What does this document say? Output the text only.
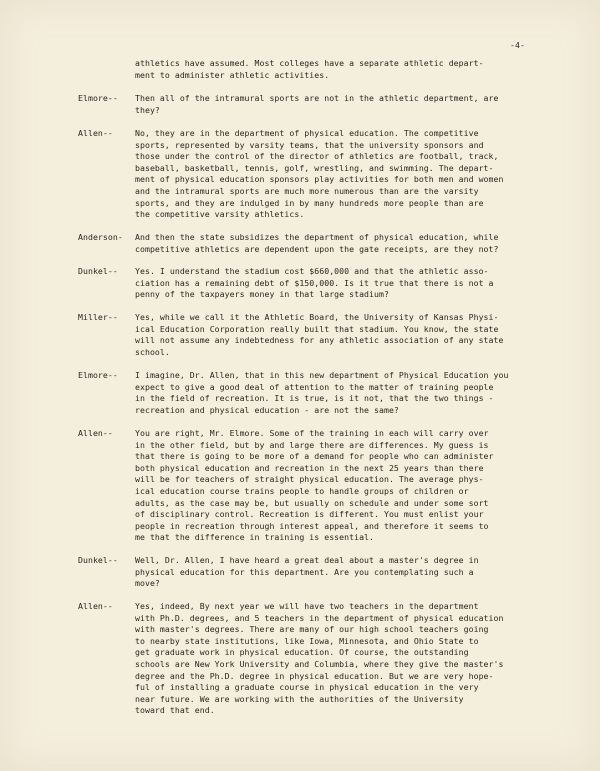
-4-
athletics have assumed. Most colleges have a separate athletic depart-
ment to administer athletic activities.
Elmore-- Then all of the intramural sports are not in the athletic department, are
they?
Allen--	No, they are in the department of physical education. The competitive
sports, represented by varsity teams, that the university sponsors and
those under the control of the director of athletics are football, track,
baseball, basketball, tennis, golf, wrestling, and swimming. The depart-
ment of physical education sponsors play activities for both men and women
and the intramural sports are much more numerous than are the varsity
sports, and they are indulged in by many hundreds more people than are
the competitive varsity athletics.
Anderson- And then the state subsidizes the department of physical education, while
competitive athletics are dependent upon the gate receipts, are they not?
Dunkel-- Yes. I understand the stadium cost $660,000 and that the athletic asso-
ciation has a remaining debt of $150,000. Is it true that there is not a
penny of the taxpayers money in that large stadium?
Miller-- Yes, while we call it the Athletic Board, the University of Kansas Physi-
ical Education Corporation really built that stadium. You know, the state
will not assume any indebtedness for any athletic association of any state
school.
Elmore-- I imagine, Dr. Allen, that in this new department of Physical Education you
expect to give a good deal of attention to the matter of training people
in the field of recreation. It is true, is it not, that the two things -
recreation and physical education - are not the same?
Allen--	You are right, Mr. Elmore. Some of the training in each will carry over
in the other field, but by and large there are differences. My guess is
that there is going to be more of a demand for people who can administer
both physical education and recreation in the next 25 years than there
will be for teachers of straight physical education. The average phys-
ical education course trains people to handle groups of children or
adults, as the case may be, but usually on schedule and under some sort
of disciplinary control. Recreation is different. You must enlist your
people in recreation through interest appeal, and therefore it seems to
me that the difference in training is essential.
Dunkel-- Well, Dr. Allen, I have heard a great deal about a master's degree in
physical education for this department. Are you contemplating such a
move?
Allen--	Yes, indeed, By next year we will have two teachers in the department
with Ph.D. degrees, and 5 teachers in the department of physical education
with master's degrees. There are many of our high school teachers going
to nearby state institutions, like Iowa, Minnesota, and Ohio State to
get graduate work in physical education. Of course, the outstanding
schools are New York University and Columbia, where they give the master's
degree and the Ph.D. degree in physical education. But we are very hope-
ful of installing a graduate course in physical education in the very
near future. We are working with the authorities of the University
toward that end.
